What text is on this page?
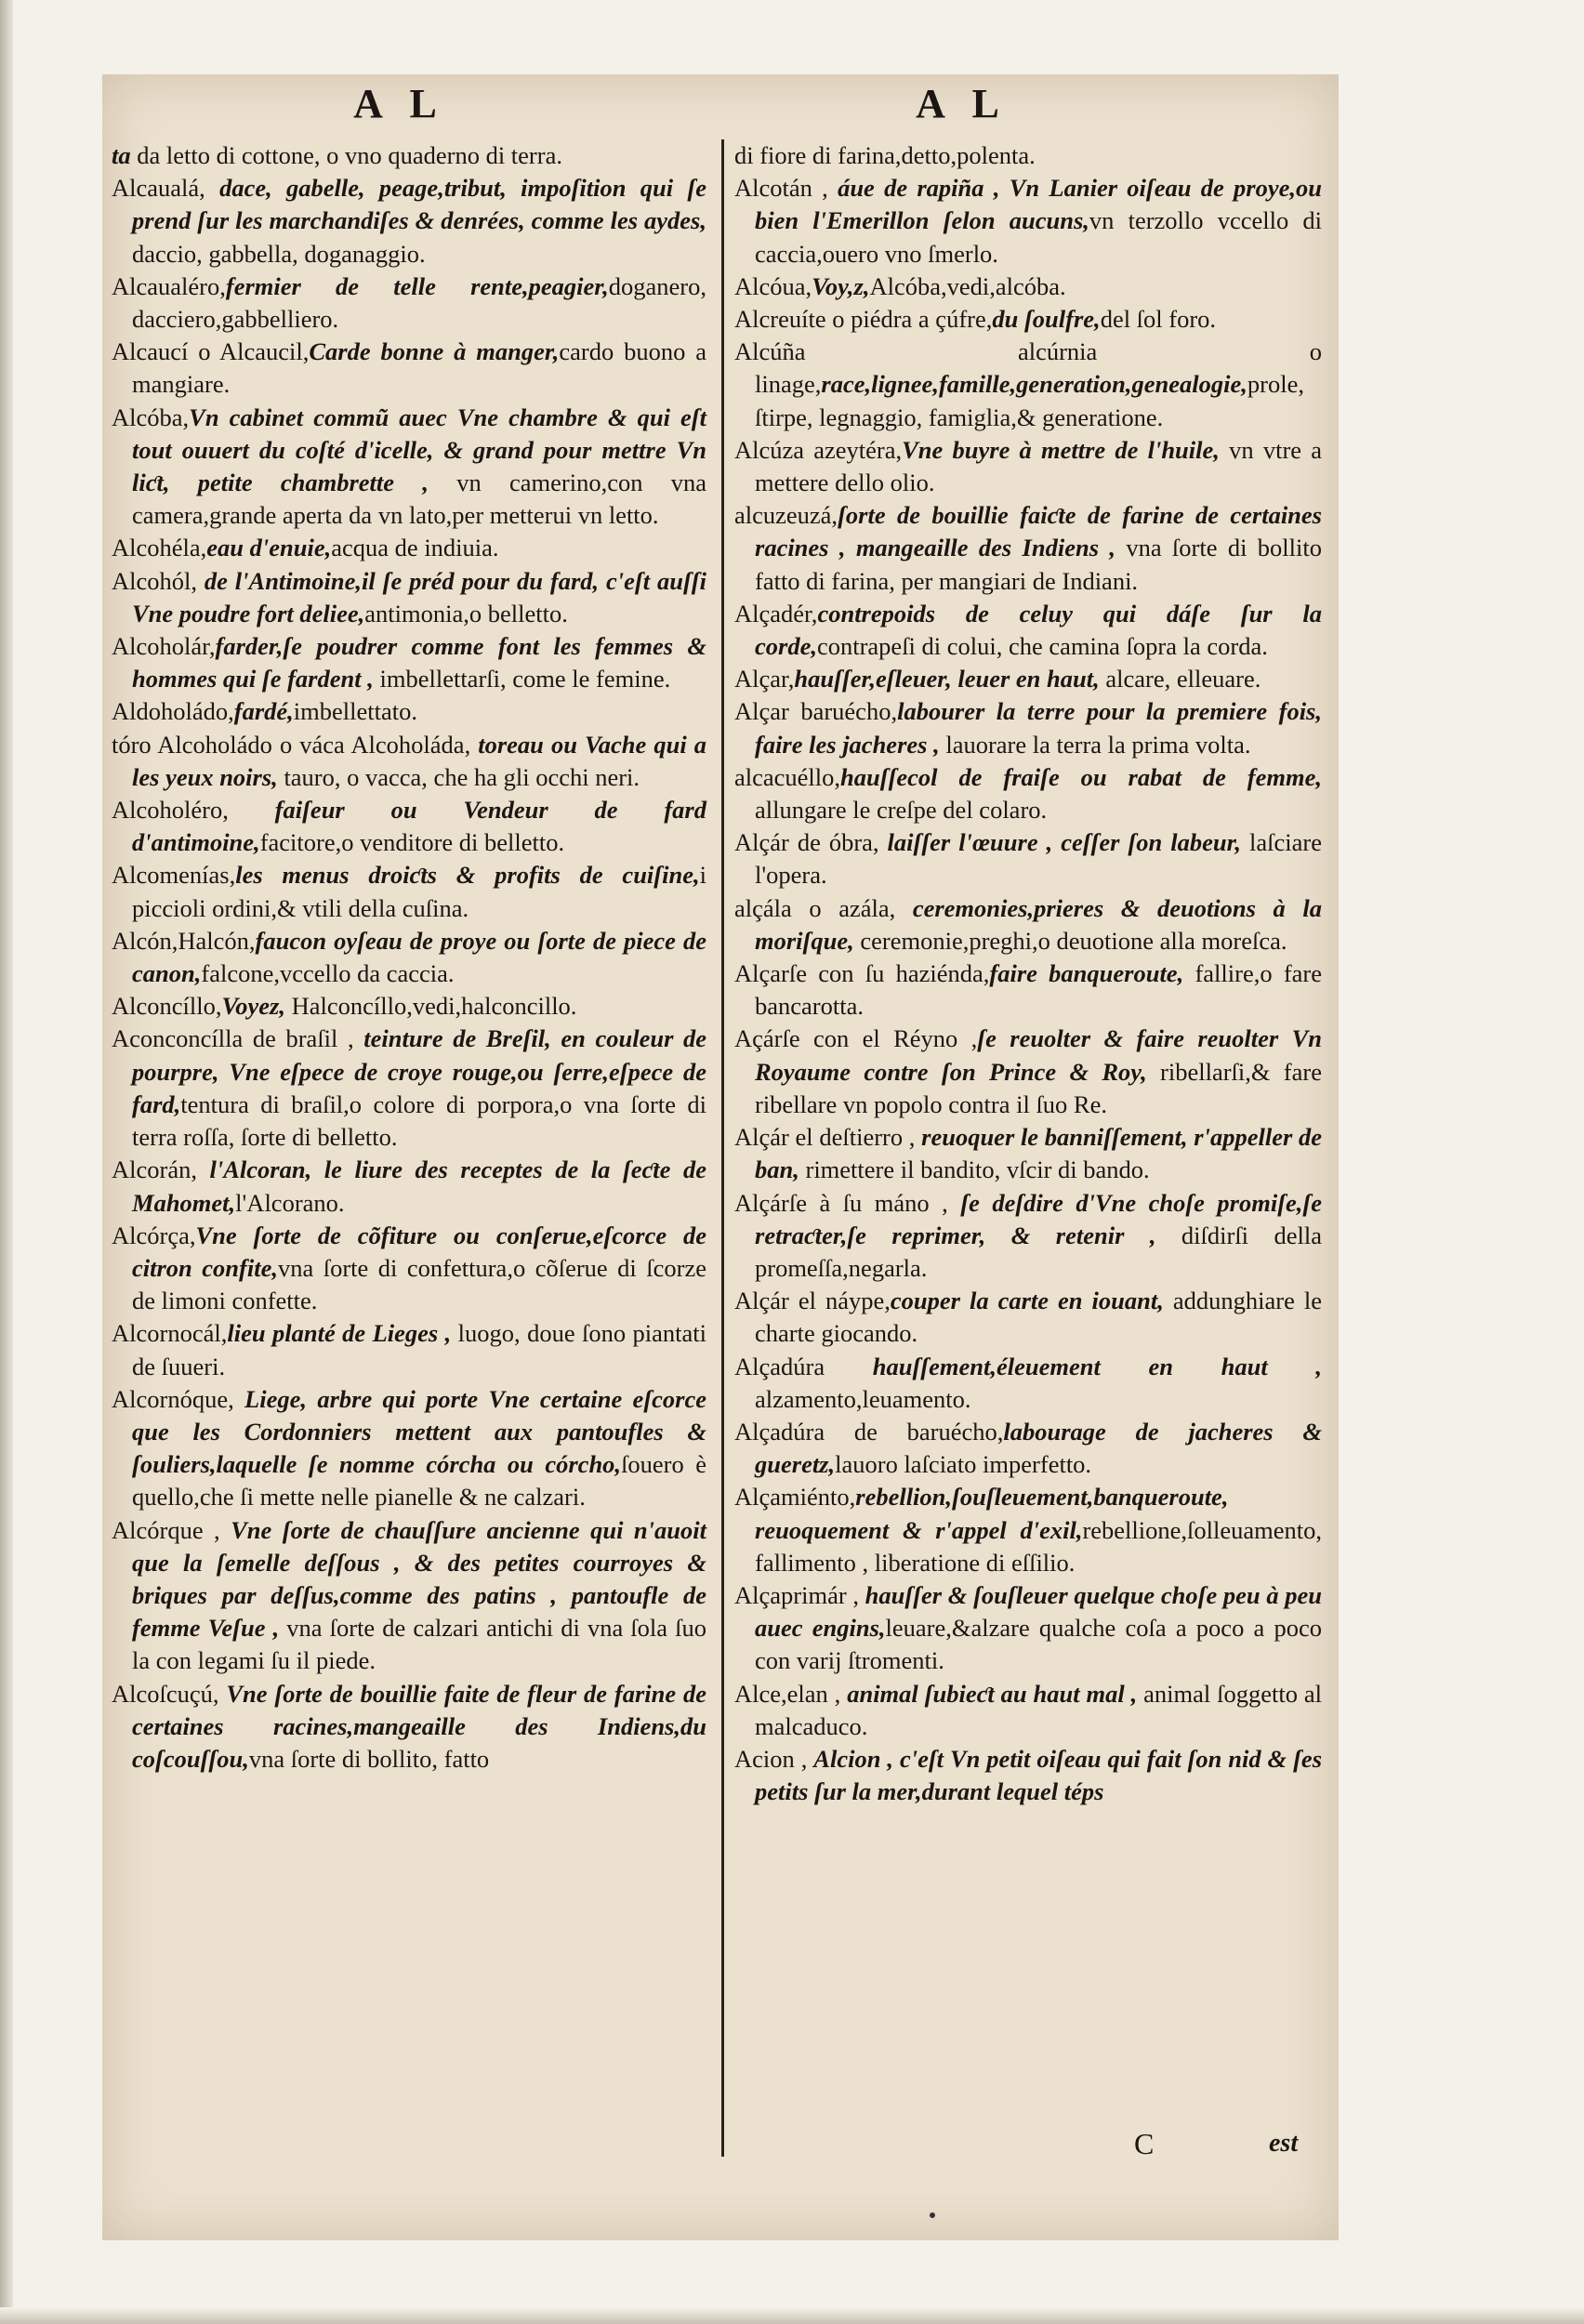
A L	A L

ta da letto di cottone, o vno quaderno di terra.

Alcaualá, dace, gabelle, peage,tribut, impoſition qui ſe prend ſur les marchandiſes & denrées, comme les aydes, daccio, gabbella, doganaggio.

Alcaualéro,fermier de telle rente,peagier,doganero, dacciero,gabbelliero.

Alcaucí o Alcaucil,Carde bonne à manger,cardo buono a mangiare.

Alcóba,Vn cabinet commũ auec Vne chambre & qui eſt tout ouuert du coſté d'icelle, & grand pour mettre Vn liƈt, petite chambrette , vn camerino,con vna camera,grande aperta da vn lato,per metterui vn letto.

Alcohéla,eau d'enuie,acqua de indiuia.

Alcohól, de l'Antimoine,il ſe préd pour du fard, c'eſt auſſi Vne poudre fort deliee,antimonia,o belletto.

Alcoholár,farder,ſe poudrer comme font les femmes & hommes qui ſe fardent , imbellettarſi, come le femine.

Aldoholádo,fardé,imbellettato.

tóro Alcoholádo o váca Alcoholáda, toreau ou Vache qui a les yeux noirs, tauro, o vacca, che ha gli occhi neri.

Alcoholéro, faiſeur ou Vendeur de fard d'antimoine,facitore,o venditore di belletto.

Alcomenías,les menus droiƈts & profits de cuiſine,i piccioli ordini,& vtili della cuſina.

Alcón,Halcón,faucon oyſeau de proye ou ſorte de piece de canon,falcone,vccello da caccia.

Alconcíllo,Voyez, Halconcíllo,vedi,halconcillo.

Aconconcílla de braſil , teinture de Breſil, en couleur de pourpre, Vne eſpece de croye rouge,ou ſerre,eſpece de fard,tentura di braſil,o colore di porpora,o vna ſorte di terra roſſa, ſorte di belletto.

Alcorán, l'Alcoran, le liure des receptes de la ſeƈte de Mahomet,l'Alcorano.

Alcórça,Vne ſorte de cõfiture ou conſerue,eſcorce de citron confite,vna ſorte di confettura,o cõſerue di ſcorze de limoni confette.

Alcornocál,lieu planté de Lieges , luogo, doue ſono piantati de ſuueri.

Alcornóque, Liege, arbre qui porte Vne certaine eſcorce que les Cordonniers mettent aux pantoufles & ſouliers,laquelle ſe nomme córcha ou córcho,ſouero è quello,che ſi mette nelle pianelle & ne calzari.

Alcórque , Vne ſorte de chauſſure ancienne qui n'auoit que la ſemelle deſſous , & des petites courroyes & briques par deſſus,comme des patins , pantoufle de femme Veſue , vna ſorte de calzari antichi di vna ſola ſuo la con legami ſu il piede.

Alcoſcuçú, Vne ſorte de bouillie faite de fleur de farine de certaines racines,mangeaille des Indiens,du coſcouſſou,vna ſorte di bollito, fatto

di fiore di farina,detto,polenta.

Alcotán , áue de rapiña , Vn Lanier oiſeau de proye,ou bien l'Emerillon ſelon aucuns,vn terzollo vccello di caccia,ouero vno ſmerlo.

Alcóua,Voy,z,Alcóba,vedi,alcóba.

Alcreuíte o piédra a çúfre,du ſoulfre,del ſol foro.

Alcúña alcúrnia o linage,race,lignee,famille,generation,genealogie,prole, ſtirpe, legnaggio, famiglia,& generatione.

Alcúza azeytéra,Vne buyre à mettre de l'huile, vn vtre a mettere dello olio.

alcuzeuzá,ſorte de bouillie faiƈte de farine de certaines racines , mangeaille des Indiens , vna ſorte di bollito fatto di farina, per mangiari de Indiani.

Alçadér,contrepoids de celuy qui dáſe ſur la corde,contrapeſi di colui, che camina ſopra la corda.

Alçar,hauſſer,eſleuer, leuer en haut, alcare, elleuare.

Alçar baruécho,labourer la terre pour la premiere fois, faire les jacheres , lauorare la terra la prima volta.

alcacuéllo,hauſſecol de fraiſe ou rabat de femme, allungare le creſpe del colaro.

Alçár de óbra, laiſſer l'œuure , ceſſer ſon labeur, laſciare l'opera.

alçála o azála, ceremonies,prieres & deuotions à la moriſque, ceremonie,preghi,o deuotione alla moreſca.

Alçarſe con ſu haziénda,faire banqueroute, fallire,o fare bancarotta.

Açárſe con el Réyno ,ſe reuolter & faire reuolter Vn Royaume contre ſon Prince & Roy, ribellarſi,& fare ribellare vn popolo contra il ſuo Re.

Alçár el deſtierro , reuoquer le banniſſement, r'appeller de ban, rimettere il bandito, vſcir di bando.

Alçárſe à ſu máno , ſe deſdire d'Vne choſe promiſe,ſe retraƈter,ſe reprimer, & retenir , diſdirſi della promeſſa,negarla.

Alçár el náype,couper la carte en iouant, addunghiare le charte giocando.

Alçadúra hauſſement,éleuement en haut , alzamento,leuamento.

Alçadúra de baruécho,labourage de jacheres & gueretz,lauoro laſciato imperfetto.

Alçamiénto,rebellion,ſouſleuement,banqueroute, reuoquement & r'appel d'exil,rebellione,ſolleuamento, fallimento , liberatione di eſſilio.

Alçaprimár , hauſſer & ſouſleuer quelque choſe peu à peu auec engins,leuare,&alzare qualche coſa a poco a poco con varij ſtromenti.

Alce,elan , animal ſubieƈt au haut mal , animal ſoggetto al malcaduco.

Acion , Alcion , c'eſt Vn petit oiſeau qui fait ſon nid & ſes petits ſur la mer,durant lequel téps

C	est
